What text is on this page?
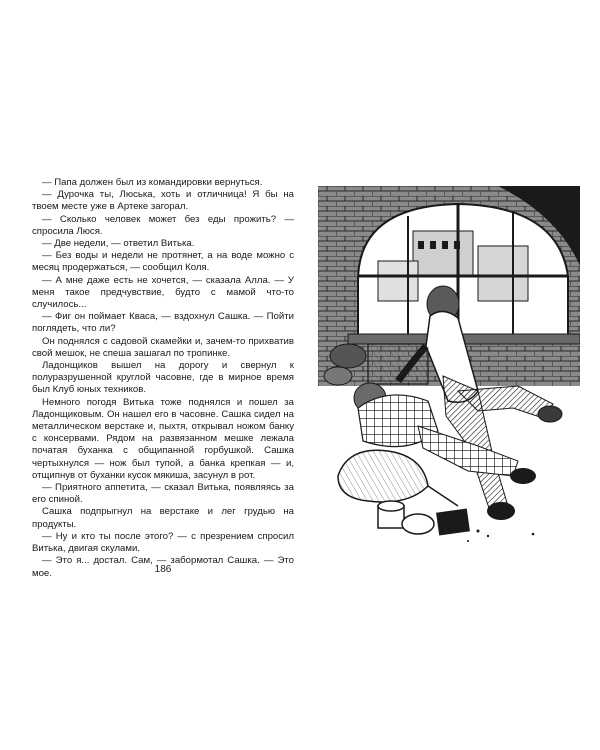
— Папа должен был из командировки вернуться.

— Дурочка ты, Люська, хоть и отличница! Я бы на твоем месте уже в Артеке загорал.

— Сколько человек может без еды прожить? — спросила Люся.

— Две недели, — ответил Витька.

— Без воды и недели не протянет, а на воде можно с месяц продержаться, — сообщил Коля.

— А мне даже есть не хочется, — сказала Алла. — У меня такое предчувствие, будто с мамой что-то случилось...

— Фиг он поймает Кваса, — вздохнул Сашка. — Пойти поглядеть, что ли?

Он поднялся с садовой скамейки и, зачем-то прихватив свой мешок, не спеша зашагал по тропинке.

Ладонщиков вышел на дорогу и свернул к полуразрушенной круглой часовне, где в мирное время был Клуб юных техников.

Немного погодя Витька тоже поднялся и пошел за Ладонщиковым. Он нашел его в часовне. Сашка сидел на металлическом верстаке и, пыхтя, открывал ножом банку с консервами. Рядом на развязанном мешке лежала початая буханка с общипанной горбушкой. Сашка чертыхнулся — нож был тупой, а банка крепкая — и, отщипнув от буханки кусок мякиша, засунул в рот.

— Приятного аппетита, — сказал Витька, появляясь за его спиной.

Сашка подпрыгнул на верстаке и лег грудью на продукты.

— Ну и кто ты после этого? — с презрением спросил Витька, двигая скулами.

— Это я... достал. Сам, — забормотал Сашка. — Это мое.	186
